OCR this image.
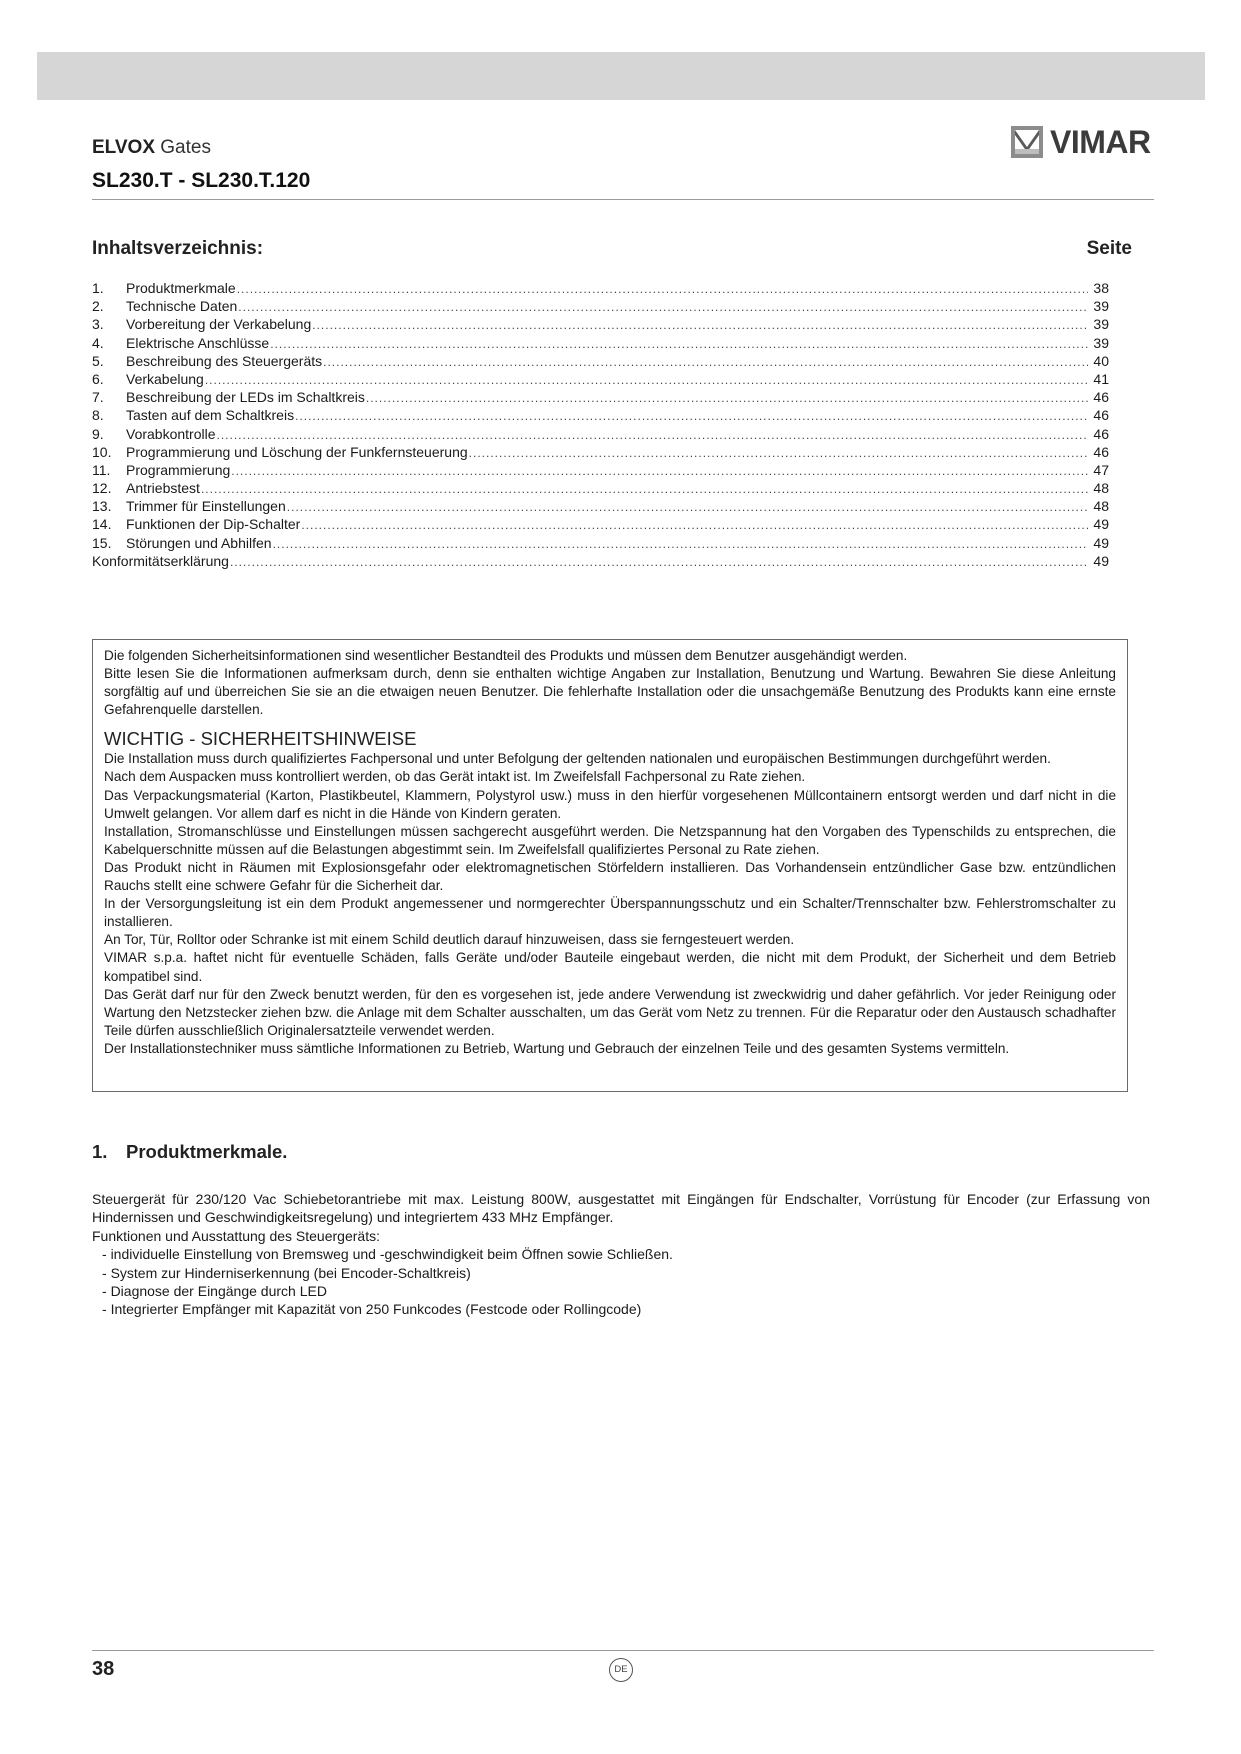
ELVOX Gates
SL230.T - SL230.T.120
VIMAR
Inhaltsverzeichnis:	Seite
1.	Produktmerkmale .....	38
2.	Technische Daten .....	39
3.	Vorbereitung der Verkabelung .....	39
4.	Elektrische Anschlüsse .....	39
5.	Beschreibung des Steuergeräts .....	40
6.	Verkabelung .....	41
7.	Beschreibung der LEDs im Schaltkreis .....	46
8.	Tasten auf dem Schaltkreis .....	46
9.	Vorabkontrolle .....	46
10.	Programmierung und Löschung der Funkfernsteuerung .....	46
11.	Programmierung .....	47
12.	Antriebstest .....	48
13.	Trimmer für Einstellungen .....	48
14.	Funktionen der Dip-Schalter .....	49
15.	Störungen und Abhilfen .....	49
Konformitätserklärung .....	49

Die folgenden Sicherheitsinformationen sind wesentlicher Bestandteil des Produkts und müssen dem Benutzer ausgehändigt werden.

Bitte lesen Sie die Informationen aufmerksam durch, denn sie enthalten wichtige Angaben zur Installation, Benutzung und Wartung. Bewahren Sie diese Anleitung sorgfältig auf und überreichen Sie sie an die etwaigen neuen Benutzer. Die fehlerhafte Installation oder die unsachgemäße Benutzung des Produkts kann eine ernste Gefahrenquelle darstellen.

WICHTIG - SICHERHEITSHINWEISE

Die Installation muss durch qualifiziertes Fachpersonal und unter Befolgung der geltenden nationalen und europäischen Bestimmungen durchgeführt werden.

Nach dem Auspacken muss kontrolliert werden, ob das Gerät intakt ist. Im Zweifelsfall Fachpersonal zu Rate ziehen.

Das Verpackungsmaterial (Karton, Plastikbeutel, Klammern, Polystyrol usw.) muss in den hierfür vorgesehenen Müllcontainern entsorgt werden und darf nicht in die Umwelt gelangen. Vor allem darf es nicht in die Hände von Kindern geraten.

Installation, Stromanschlüsse und Einstellungen müssen sachgerecht ausgeführt werden. Die Netzspannung hat den Vorgaben des Typenschilds zu entsprechen, die Kabelquerschnitte müssen auf die Belastungen abgestimmt sein. Im Zweifelsfall qualifiziertes Personal zu Rate ziehen.

Das Produkt nicht in Räumen mit Explosionsgefahr oder elektromagnetischen Störfeldern installieren. Das Vorhandensein entzündlicher Gase bzw. entzündlichen Rauchs stellt eine schwere Gefahr für die Sicherheit dar.

In der Versorgungsleitung ist ein dem Produkt angemessener und normgerechter Überspannungsschutz und ein Schalter/Trennschalter bzw. Fehlerstromschalter zu installieren.

An Tor, Tür, Rolltor oder Schranke ist mit einem Schild deutlich darauf hinzuweisen, dass sie ferngesteuert werden.

VIMAR s.p.a. haftet nicht für eventuelle Schäden, falls Geräte und/oder Bauteile eingebaut werden, die nicht mit dem Produkt, der Sicherheit und dem Betrieb kompatibel sind.

Das Gerät darf nur für den Zweck benutzt werden, für den es vorgesehen ist, jede andere Verwendung ist zweckwidrig und daher gefährlich. Vor jeder Reinigung oder Wartung den Netzstecker ziehen bzw. die Anlage mit dem Schalter ausschalten, um das Gerät vom Netz zu trennen. Für die Reparatur oder den Austausch schadhafter Teile dürfen ausschließlich Originalersatzteile verwendet werden.

Der Installationstechniker muss sämtliche Informationen zu Betrieb, Wartung und Gebrauch der einzelnen Teile und des gesamten Systems vermitteln.

1. Produktmerkmale.

Steuergerät für 230/120 Vac Schiebetorantriebe mit max. Leistung 800W, ausgestattet mit Eingängen für Endschalter, Vorrüstung für Encoder (zur Erfassung von Hindernissen und Geschwindigkeitsregelung) und integriertem 433 MHz Empfänger.

Funktionen und Ausstattung des Steuergeräts:

- individuelle Einstellung von Bremsweg und -geschwindigkeit beim Öffnen sowie Schließen.
- System zur Hinderniserkennung (bei Encoder-Schaltkreis)
- Diagnose der Eingänge durch LED
- Integrierter Empfänger mit Kapazität von 250 Funkcodes (Festcode oder Rollingcode)
38	DE
